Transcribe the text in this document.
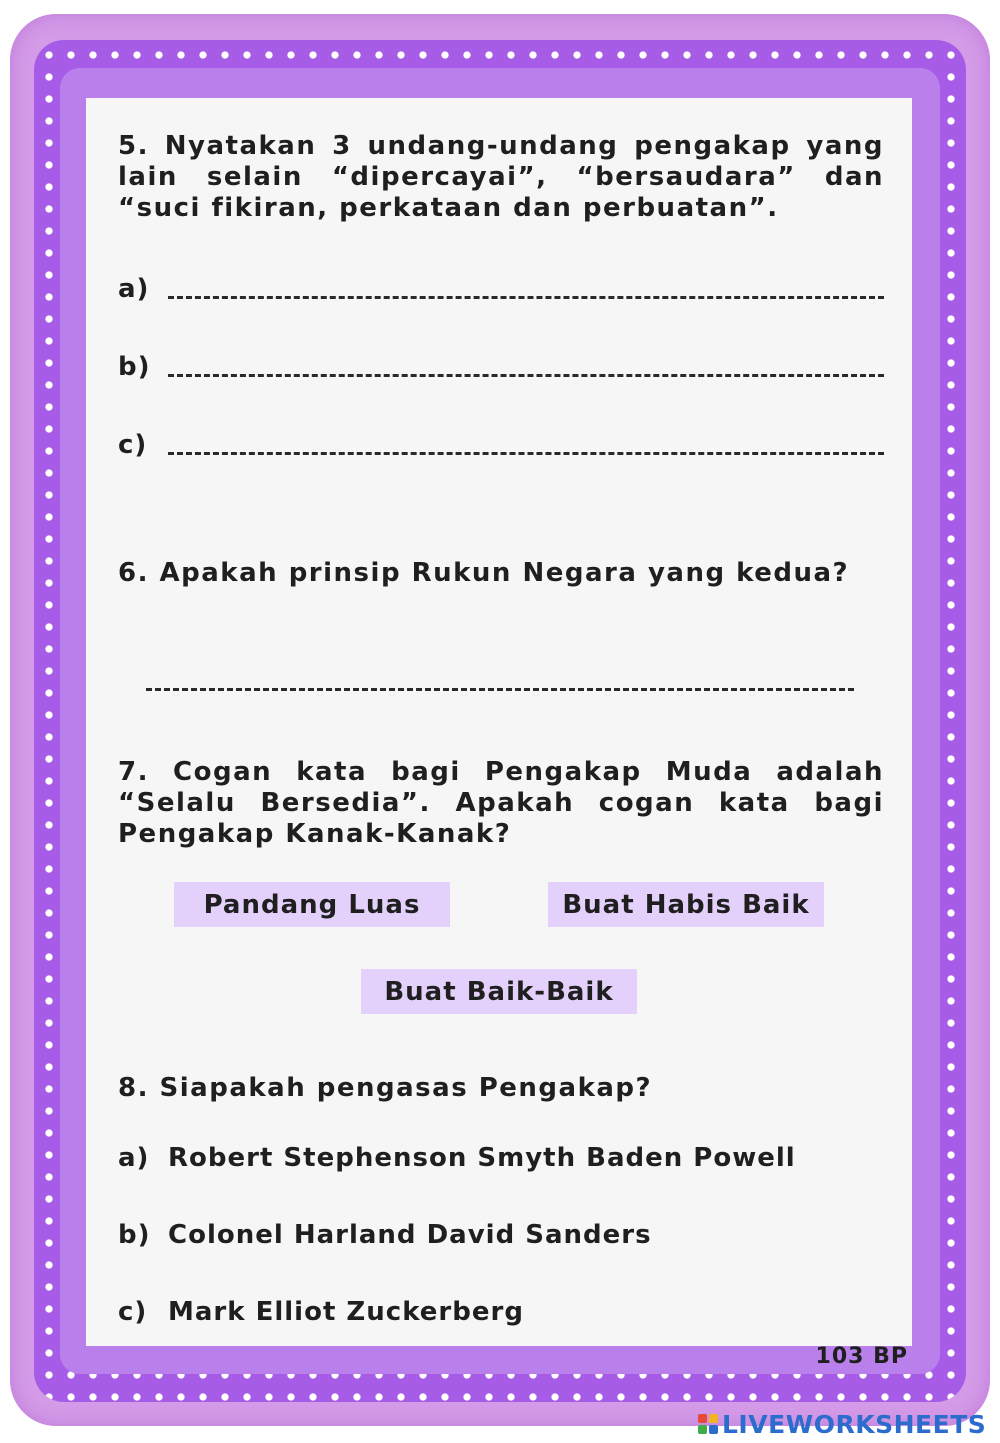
5. Nyatakan 3 undang-undang pengakap yang lain selain “dipercayai”, “bersaudara” dan “suci fikiran, perkataan dan perbuatan”.

a)
b)
c)

6. Apakah prinsip Rukun Negara yang kedua?

7. Cogan kata bagi Pengakap Muda adalah “Selalu Bersedia”. Apakah cogan kata bagi Pengakap Kanak-Kanak?

Pandang Luas	Buat Habis Baik
Buat Baik-Baik

8. Siapakah pengasas Pengakap?

a) Robert Stephenson Smyth Baden Powell
b) Colonel Harland David Sanders
c) Mark Elliot Zuckerberg
103 BP
LIVEWORKSHEETS
